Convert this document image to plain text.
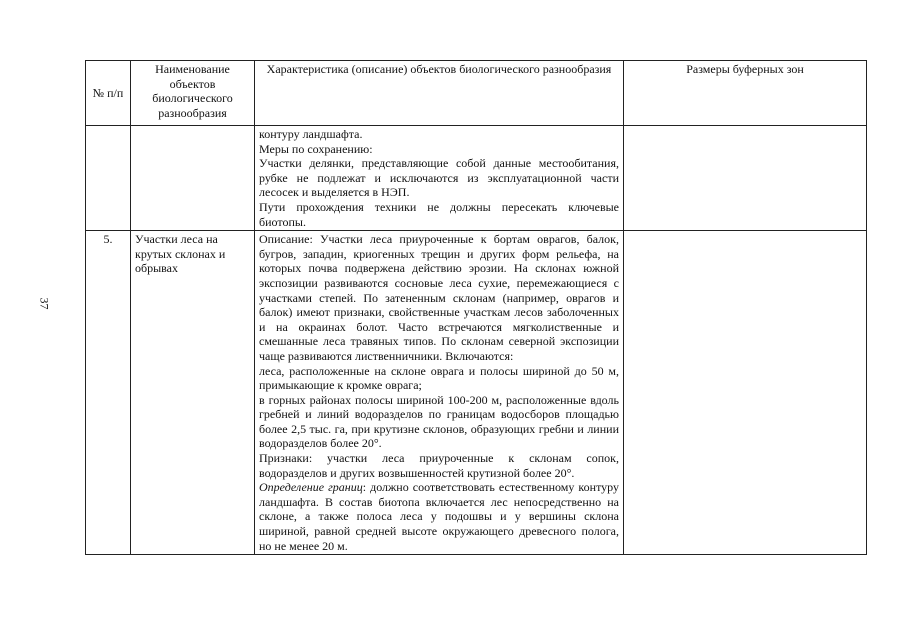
37
№ п/п	Наименование объектов биологического разнообразия	Характеристика (описание) объектов биологического разнообразия	Размеры буферных зон

		контуру ландшафта.

Меры по сохранению:

Участки делянки, представляющие собой данные местообитания, рубке не подлежат и исключаются из эксплуатационной части лесосек и выделяется в НЭП.

Пути прохождения техники не должны пересекать ключевые биотопы.	

5.	Участки леса на крутых склонах и обрывах	Описание: Участки леса приуроченные к бортам оврагов, балок, бугров, западин, криогенных трещин и других форм рельефа, на которых почва подвержена действию эрозии. На склонах южной экспозиции развиваются сосновые леса сухие, перемежающиеся с участками степей. По затененным склонам (например, оврагов и балок) имеют признаки, свойственные участкам лесов заболоченных и на окраинах болот. Часто встречаются мягколиственные и смешанные леса травяных типов. По склонам северной экспозиции чаще развиваются лиственничники. Включаются:

леса, расположенные на склоне оврага и полосы шириной до 50 м, примыкающие к кромке оврага;

в горных районах полосы шириной 100-200 м, расположенные вдоль гребней и линий водоразделов по границам водосборов площадью более 2,5 тыс. га, при крутизне склонов, образующих гребни и линии водоразделов более 20°.

Признаки: участки леса приуроченные к склонам сопок, водоразделов и других возвышенностей крутизной более 20°.

Определение границ: должно соответствовать естественному контуру ландшафта. В состав биотопа включается лес непосредственно на склоне, а также полоса леса у подошвы и у вершины склона шириной, равной средней высоте окружающего древесного полога, но не менее 20 м.	
